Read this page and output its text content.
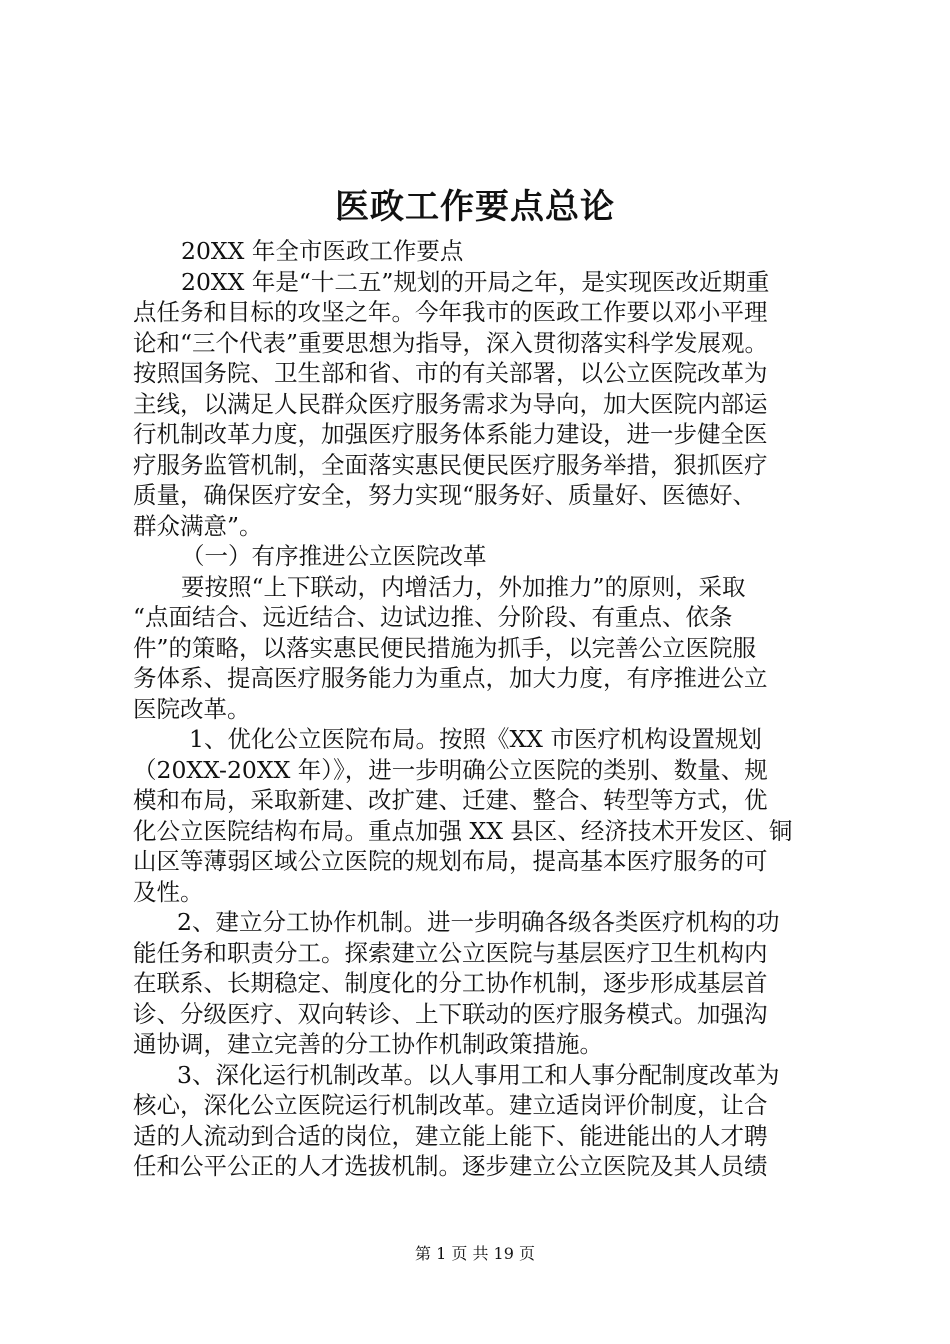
医政工作要点总论
20XX 年全市医政工作要点
20XX 年是“十二五”规划的开局之年，是实现医改近期重
点任务和目标的攻坚之年。今年我市的医政工作要以邓小平理
论和“三个代表”重要思想为指导，深入贯彻落实科学发展观。
按照国务院、卫生部和省、市的有关部署，以公立医院改革为
主线，以满足人民群众医疗服务需求为导向，加大医院内部运
行机制改革力度，加强医疗服务体系能力建设，进一步健全医
疗服务监管机制，全面落实惠民便民医疗服务举措，狠抓医疗
质量，确保医疗安全，努力实现“服务好、质量好、医德好、
群众满意”。
（一）有序推进公立医院改革
要按照“上下联动，内增活力，外加推力”的原则，采取
“点面结合、远近结合、边试边推、分阶段、有重点、依条
件”的策略，以落实惠民便民措施为抓手，以完善公立医院服
务体系、提高医疗服务能力为重点，加大力度，有序推进公立
医院改革。
1、优化公立医院布局。按照《XX 市医疗机构设置规划
（20XX-20XX 年）》，进一步明确公立医院的类别、数量、规
模和布局，采取新建、改扩建、迁建、整合、转型等方式，优
化公立医院结构布局。重点加强 XX 县区、经济技术开发区、铜
山区等薄弱区域公立医院的规划布局，提高基本医疗服务的可
及性。
2、建立分工协作机制。进一步明确各级各类医疗机构的功
能任务和职责分工。探索建立公立医院与基层医疗卫生机构内
在联系、长期稳定、制度化的分工协作机制，逐步形成基层首
诊、分级医疗、双向转诊、上下联动的医疗服务模式。加强沟
通协调，建立完善的分工协作机制政策措施。
3、深化运行机制改革。以人事用工和人事分配制度改革为
核心，深化公立医院运行机制改革。建立适岗评价制度，让合
适的人流动到合适的岗位，建立能上能下、能进能出的人才聘
任和公平公正的人才选拔机制。逐步建立公立医院及其人员绩
第 1 页 共 19 页
